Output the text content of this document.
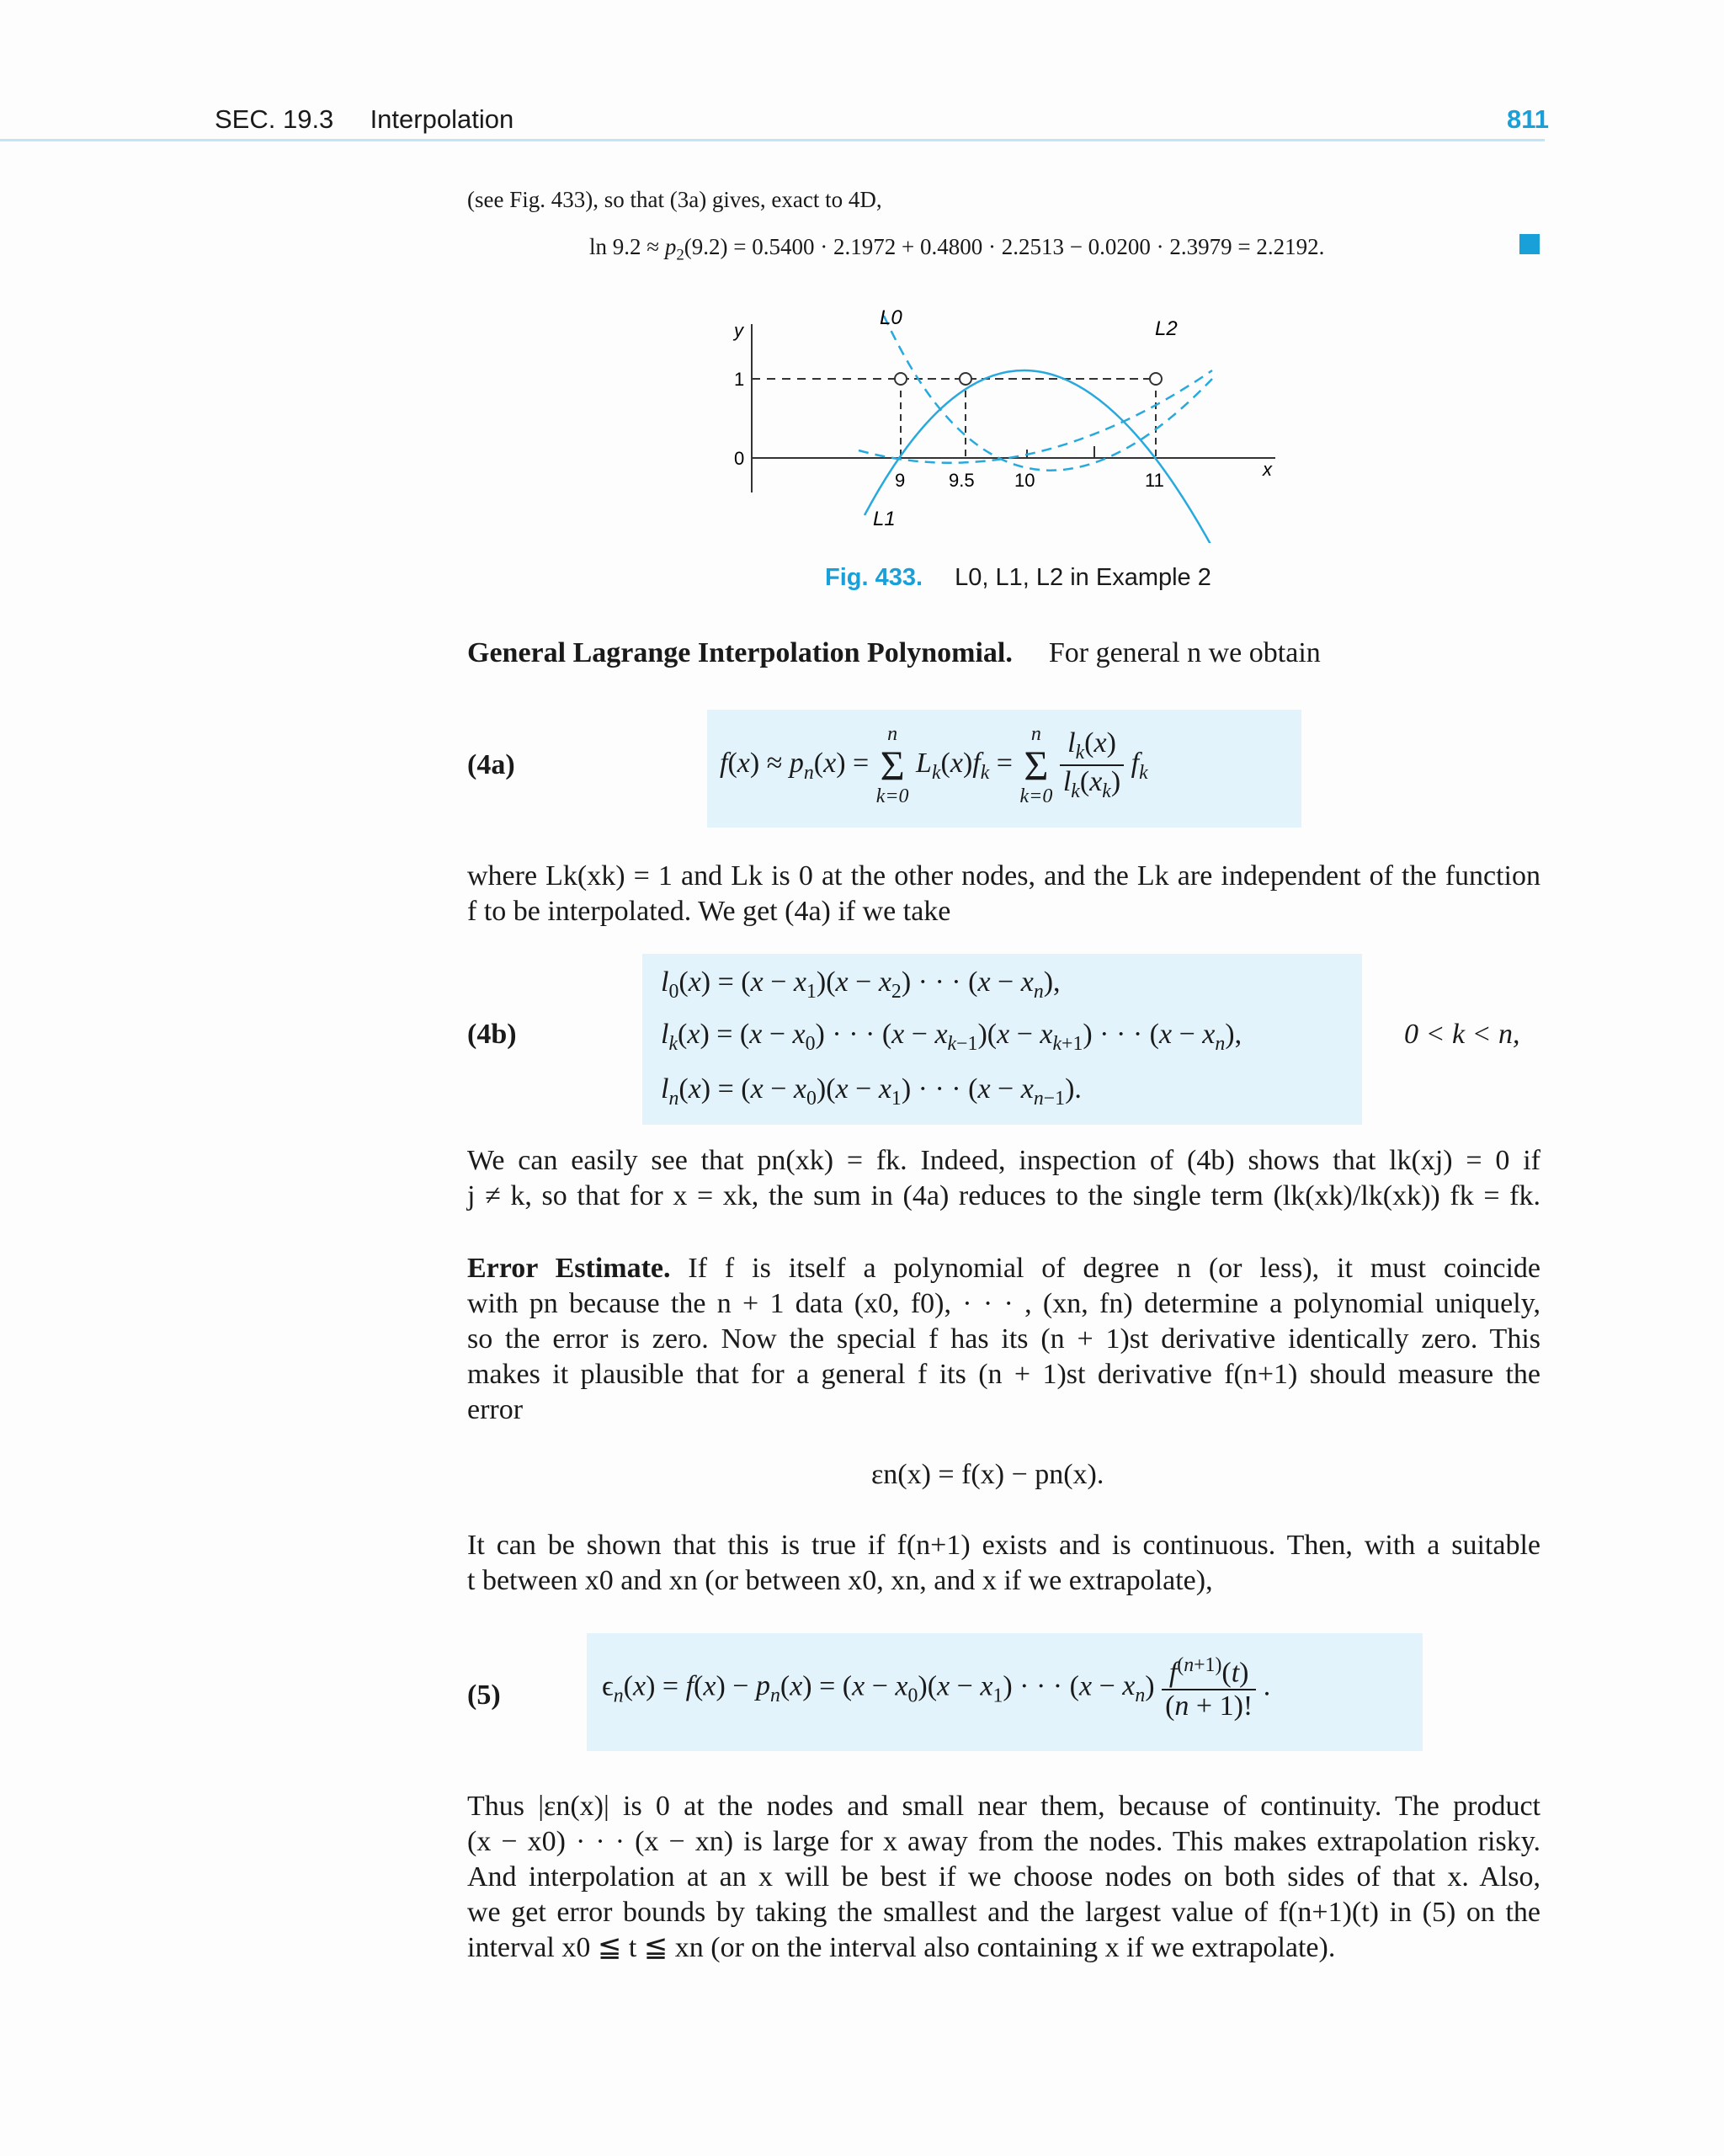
SEC. 19.3 Interpolation	811
(see Fig. 433), so that (3a) gives, exact to 4D,
$\ln 9.2 \approx p_2(9.2) = 0.5400 \cdot 2.1972 + 0.4800 \cdot 2.2513 - 0.0200 \cdot 2.3979 = 2.2192$.
y
x
1
0
9 9.5 10	11
L0
L1
L2
Fig. 433. L0, L1, L2 in Example 2
General Lagrange Interpolation Polynomial. For general n we obtain
(4a)	$f(x) \approx p_n(x)$ =
n
Σ
k=0
$L_k(x)f_k$ =
n
Σ
k=0
$\frac{l_k(x)}{l_k(x_k)} f_k$
where Lk(xk) = 1 and Lk is 0 at the other nodes, and the Lk are independent of the function
f to be interpolated. We get (4a) if we take
(4b)
$l_0(x) = (x - x_1)(x - x_2)$ · · · $(x - x_n)$,
$l_k(x) = (x - x_0)$ · · · $(x - x_{k-1})(x - x_{k+1})$ · · · $(x - x_n)$,
$l_n(x) = (x - x_0)(x - x_1)$ · · · $(x - x_{n-1})$.
0 < k < n,
We can easily see that pn(xk) = fk. Indeed, inspection of (4b) shows that lk(xj) = 0 if
j ≠ k, so that for x = xk, the sum in (4a) reduces to the single term (lk(xk)/lk(xk)) fk = fk.
Error Estimate. If f is itself a polynomial of degree n (or less), it must coincide
with pn because the n + 1 data (x0, f0), · · · , (xn, fn) determine a polynomial uniquely,
so the error is zero. Now the special f has its (n + 1)st derivative identically zero. This
makes it plausible that for a general f its (n + 1)st derivative f(n+1) should measure the
error
εn(x) = f(x) − pn(x).
It can be shown that this is true if f(n+1) exists and is continuous. Then, with a suitable
t between x0 and xn (or between x0, xn, and x if we extrapolate),
(5)	$\epsilon_n(x) = f(x) - p_n(x) = (x - x_0)(x - x_1)$ · · · $(x - x_n) \frac{f^{(n+1)}(t)}{(n + 1)!}$ .
Thus |εn(x)| is 0 at the nodes and small near them, because of continuity. The product
(x − x0) · · · (x − xn) is large for x away from the nodes. This makes extrapolation risky.
And interpolation at an x will be best if we choose nodes on both sides of that x. Also,
we get error bounds by taking the smallest and the largest value of f(n+1)(t) in (5) on the
interval x0 ≦ t ≦ xn (or on the interval also containing x if we extrapolate).
